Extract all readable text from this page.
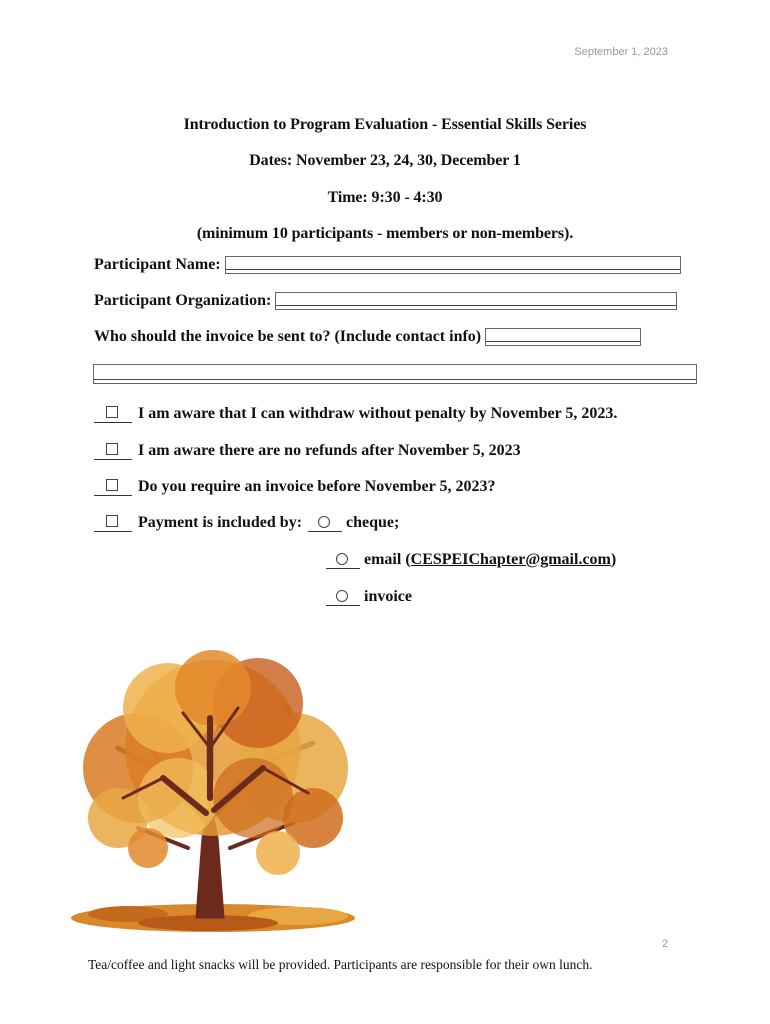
September 1, 2023
Introduction to Program Evaluation - Essential Skills Series
Dates: November 23, 24, 30, December 1
Time: 9:30 - 4:30
(minimum 10 participants - members or non-members).
Participant Name:
Participant Organization:
Who should the invoice be sent to? (Include contact info)
I am aware that I can withdraw without penalty by November 5, 2023.
I am aware there are no refunds after November 5, 2023
Do you require an invoice before November 5, 2023?
Payment is included by:	cheque;
email ( CESPEIChapter@gmail.com )
invoice
2
Tea/coffee and light snacks will be provided. Participants are responsible for their own lunch.
